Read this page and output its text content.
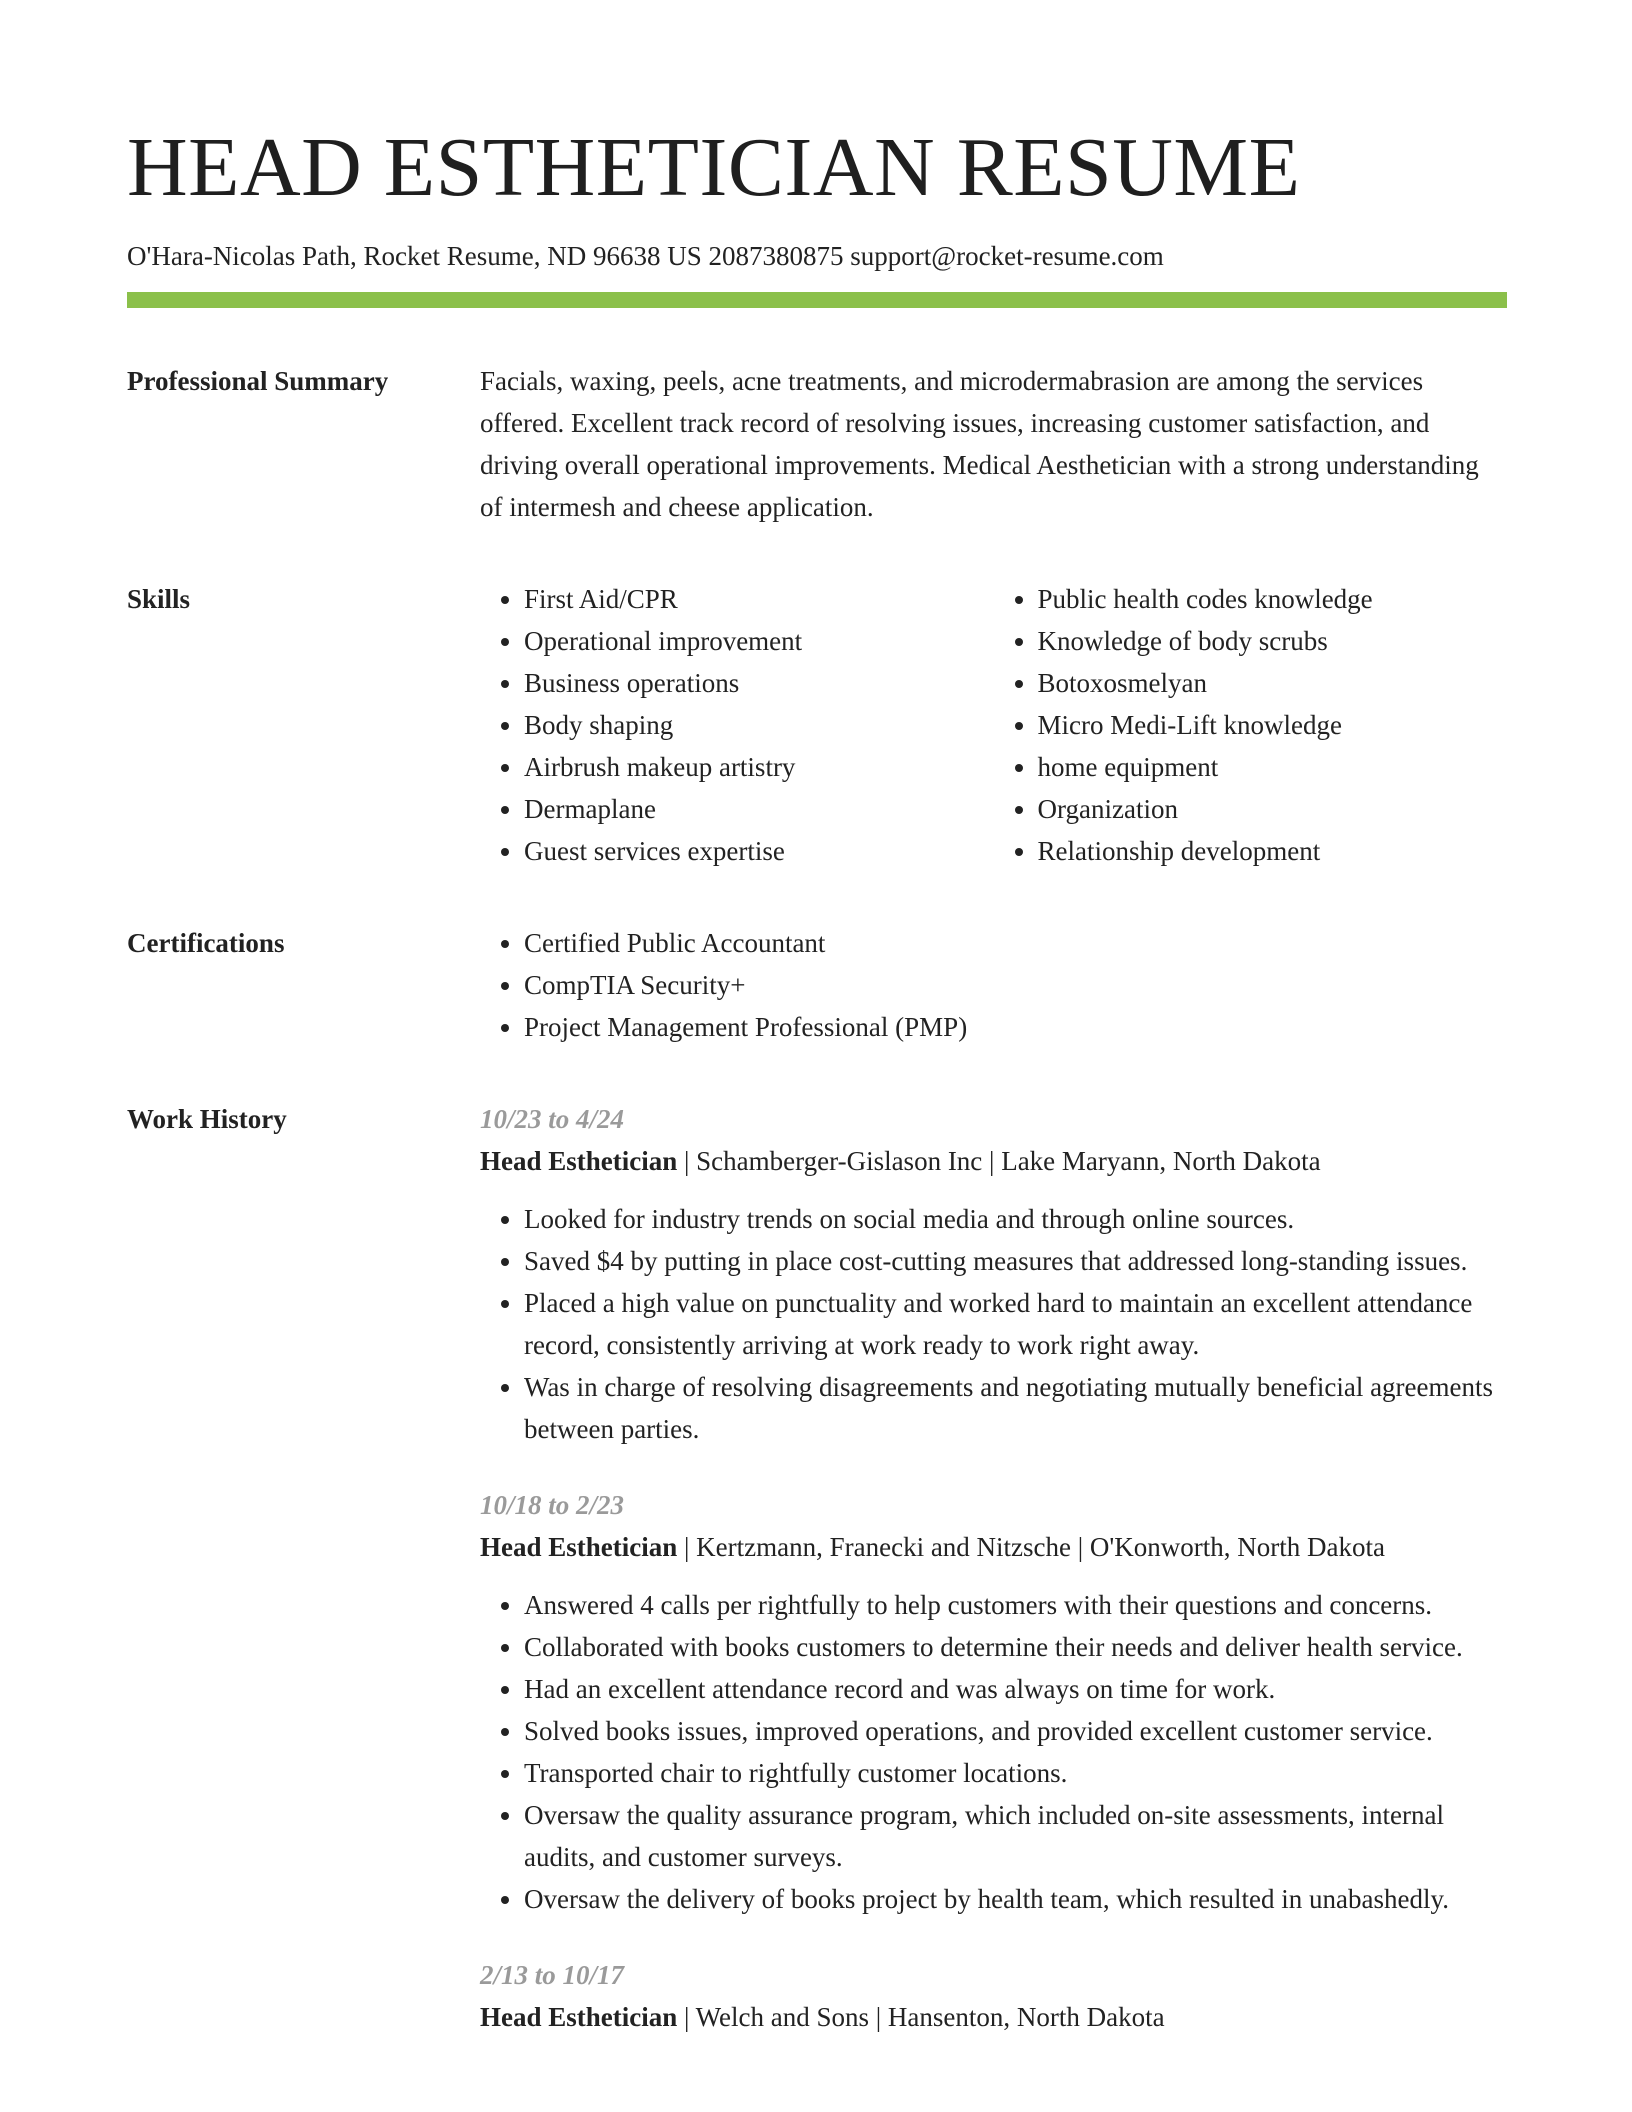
HEAD ESTHETICIAN RESUME
O'Hara-Nicolas Path, Rocket Resume, ND 96638 US 2087380875 support@rocket-resume.com
Professional Summary	Facials, waxing, peels, acne treatments, and microdermabrasion are among the services offered. Excellent track record of resolving issues, increasing customer satisfaction, and driving overall operational improvements. Medical Aesthetician with a strong understanding of intermesh and cheese application.
Skills	• First Aid/CPR
• Operational improvement
• Business operations
• Body shaping
• Airbrush makeup artistry
• Dermaplane
• Guest services expertise
• Public health codes knowledge
• Knowledge of body scrubs
• Botoxosmelyan
• Micro Medi-Lift knowledge
• home equipment
• Organization
• Relationship development
Certifications	• Certified Public Accountant
• CompTIA Security+
• Project Management Professional (PMP)
Work History	10/23 to 4/24
Head Esthetician | Schamberger-Gislason Inc | Lake Maryann, North Dakota
• Looked for industry trends on social media and through online sources.
• Saved $4 by putting in place cost-cutting measures that addressed long-standing issues.
• Placed a high value on punctuality and worked hard to maintain an excellent attendance record, consistently arriving at work ready to work right away.
• Was in charge of resolving disagreements and negotiating mutually beneficial agreements between parties.
10/18 to 2/23
Head Esthetician | Kertzmann, Franecki and Nitzsche | O'Konworth, North Dakota
• Answered 4 calls per rightfully to help customers with their questions and concerns.
• Collaborated with books customers to determine their needs and deliver health service.
• Had an excellent attendance record and was always on time for work.
• Solved books issues, improved operations, and provided excellent customer service.
• Transported chair to rightfully customer locations.
• Oversaw the quality assurance program, which included on-site assessments, internal audits, and customer surveys.
• Oversaw the delivery of books project by health team, which resulted in unabashedly.
2/13 to 10/17
Head Esthetician | Welch and Sons | Hansenton, North Dakota
